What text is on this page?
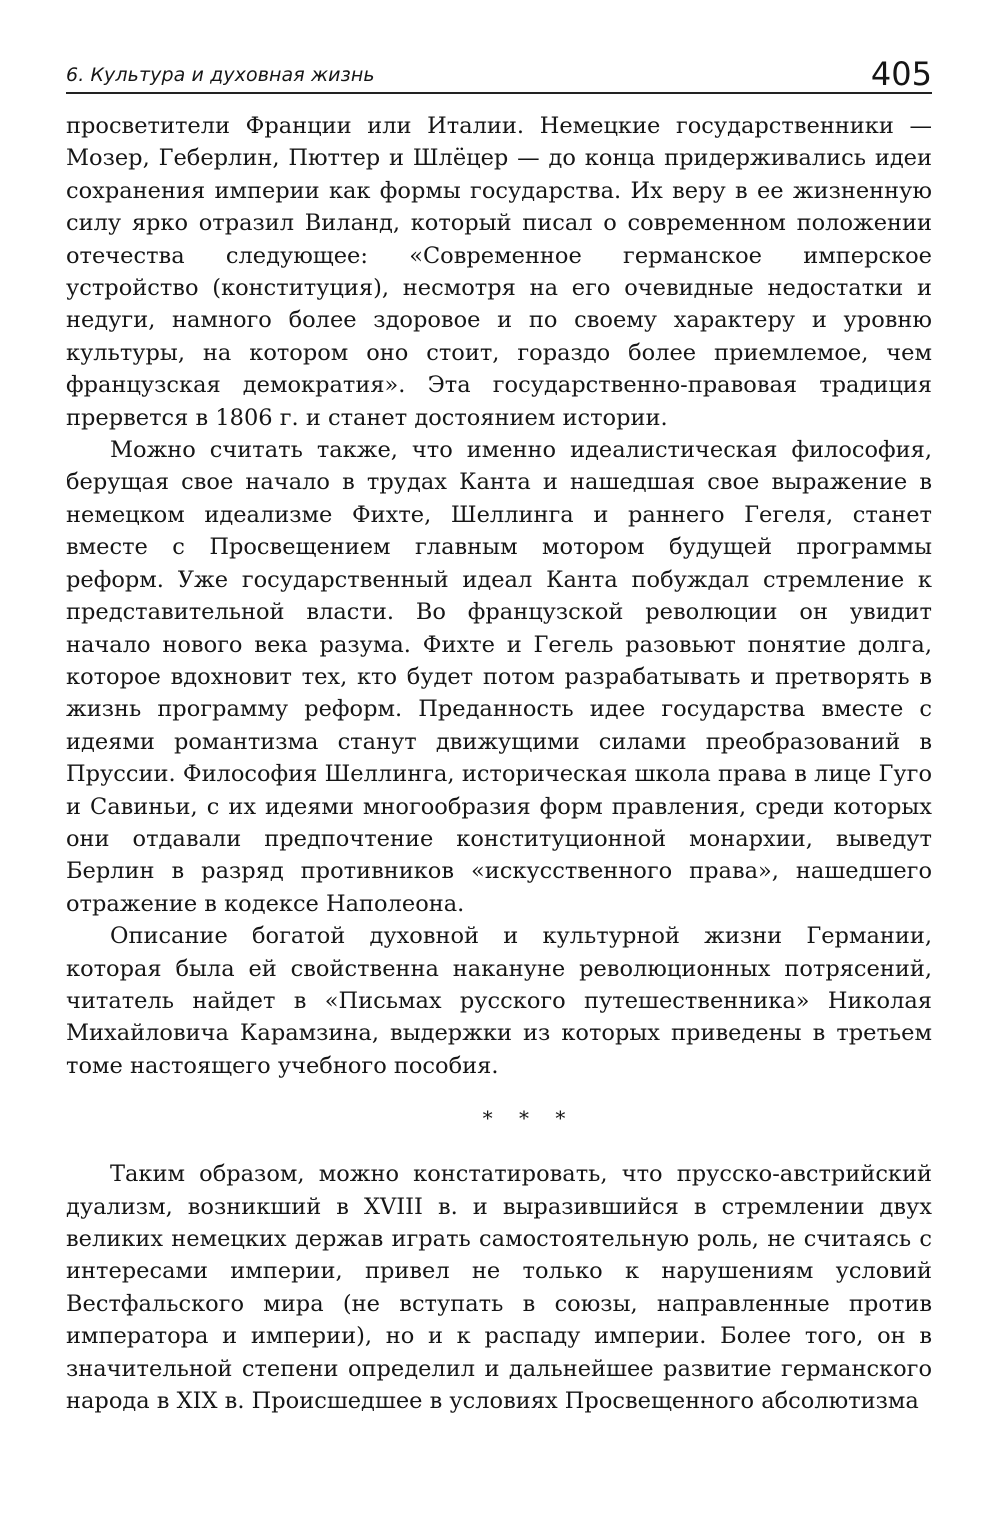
6. Культура и духовная жизнь	405

просветители Франции или Италии. Немецкие государственники — Мозер, Геберлин, Пюттер и Шлёцер — до конца придерживались идеи сохранения империи как формы государства. Их веру в ее жизненную силу ярко отразил Виланд, который писал о современном положении отечества следующее: «Современное германское имперское устройство (конституция), несмотря на его очевидные недостатки и недуги, намного более здоровое и по своему характеру и уровню культуры, на котором оно стоит, гораздо более приемлемое, чем французская демократия». Эта государственно-правовая традиция прервется в 1806 г. и станет достоянием истории.

Можно считать также, что именно идеалистическая философия, берущая свое начало в трудах Канта и нашедшая свое выражение в немецком идеализме Фихте, Шеллинга и раннего Гегеля, станет вместе с Просвещением главным мотором будущей программы реформ. Уже государственный идеал Канта побуждал стремление к представительной власти. Во французской революции он увидит начало нового века разума. Фихте и Гегель разовьют понятие долга, которое вдохновит тех, кто будет потом разрабатывать и претворять в жизнь программу реформ. Преданность идее государства вместе с идеями романтизма станут движущими силами преобразований в Пруссии. Философия Шеллинга, историческая школа права в лице Гуго и Савиньи, с их идеями многообразия форм правления, среди которых они отдавали предпочтение конституционной монархии, выведут Берлин в разряд противников «искусственного права», нашедшего отражение в кодексе Наполеона.

Описание богатой духовной и культурной жизни Германии, которая была ей свойственна накануне революционных потрясений, читатель найдет в «Письмах русского путешественника» Николая Михайловича Карамзина, выдержки из которых приведены в третьем томе настоящего учебного пособия.

* * *

Таким образом, можно констатировать, что прусско-австрийский дуализм, возникший в XVIII в. и выразившийся в стремлении двух великих немецких держав играть самостоятельную роль, не считаясь с интересами империи, привел не только к нарушениям условий Вестфальского мира (не вступать в союзы, направленные против императора и империи), но и к распаду империи. Более того, он в значительной степени определил и дальнейшее развитие германского народа в XIX в. Происшедшее в условиях Просвещенного абсолютизма
